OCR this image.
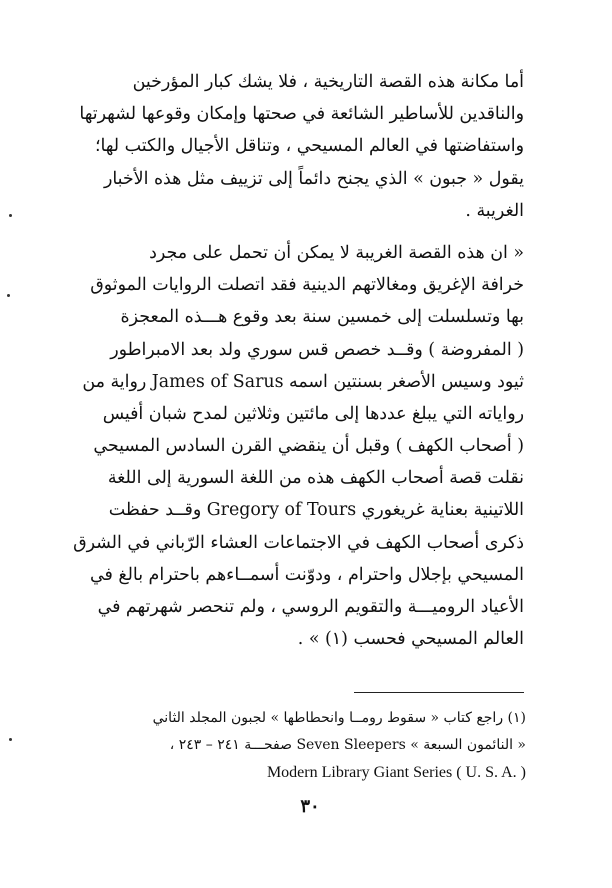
أما مكانة هذه القصة التاريخية ، فلا يشك كبار المؤرخين
والناقدين للأساطير الشائعة في صحتها وإمكان وقوعها لشهرتها
واستفاضتها في العالم المسيحي ، وتناقل الأجيال والكتب لها؛
يقول « جبون » الذي يجنح دائماً إلى تزييف مثل هذه الأخبار
الغريبة .
« ان هذه القصة الغريبة لا يمكن أن تحمل على مجرد
خرافة الإغريق ومغالاتهم الدينية فقد اتصلت الروايات الموثوق
بها وتسلسلت إلى خمسين سنة بعد وقوع هـــذه المعجزة
( المفروضة ) وقــد خصص قس سوري ولد بعد الامبراطور
ثيود وسيس الأصغر بسنتين اسمه James of Sarus رواية من
رواياته التي يبلغ عددها إلى مائتين وثلاثين لمدح شبان أفيس
( أصحاب الكهف ) وقبل أن ينقضي القرن السادس المسيحي
نقلت قصة أصحاب الكهف هذه من اللغة السورية إلى اللغة
اللاتينية بعناية غريغوري Gregory of Tours وقــد حفظت
ذكرى أصحاب الكهف في الاجتماعات العشاء الرّباني في الشرق
المسيحي بإجلال واحترام ، ودوّنت أسمــاءهم باحترام بالغ في
الأعياد الروميـــة والتقويم الروسي ، ولم تنحصر شهرتهم في
العالم المسيحي فحسب (١) » .
(١) راجع كتاب « سقوط رومــا وانحطاطها » لجبون المجلد الثاني
« النائمون السبعة » Seven Sleepers صفحـــة ٢٤١ – ٢٤٣ ،
Modern Library Giant Series ( U. S. A. )
٣٠
